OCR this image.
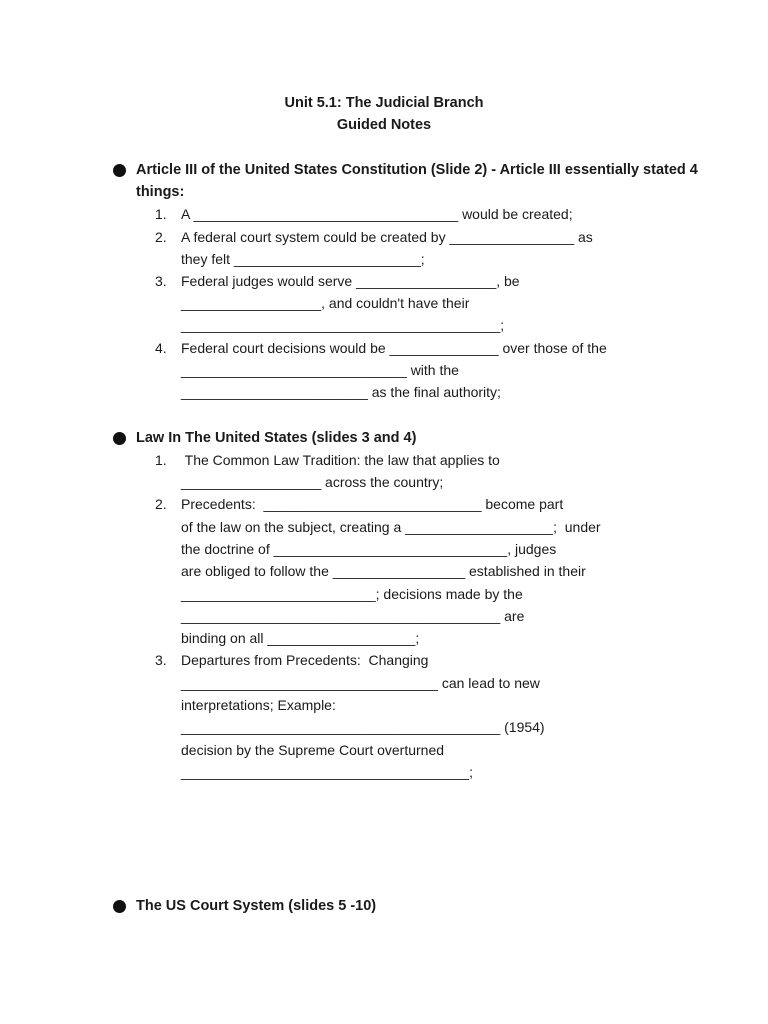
Unit 5.1: The Judicial Branch
Guided Notes
Article III of the United States Constitution (Slide 2) - Article III essentially stated 4
things:
1. A __________________________________ would be created;
2. A federal court system could be created by ________________ as
they felt ________________________;
3. Federal judges would serve __________________, be
__________________, and couldn't have their
_________________________________________;
4. Federal court decisions would be ______________ over those of the
_____________________________ with the
________________________ as the final authority;
Law In The United States (slides 3 and 4)
1. The Common Law Tradition: the law that applies to
__________________ across the country;
2. Precedents:  ____________________________ become part
of the law on the subject, creating a ___________________;  under
the doctrine of ______________________________, judges
are obliged to follow the _________________ established in their
_________________________; decisions made by the
_________________________________________ are
binding on all ___________________;
3. Departures from Precedents:  Changing
_________________________________ can lead to new
interpretations; Example:
_________________________________________ (1954)
decision by the Supreme Court overturned
_____________________________________;
The US Court System (slides 5 -10)
